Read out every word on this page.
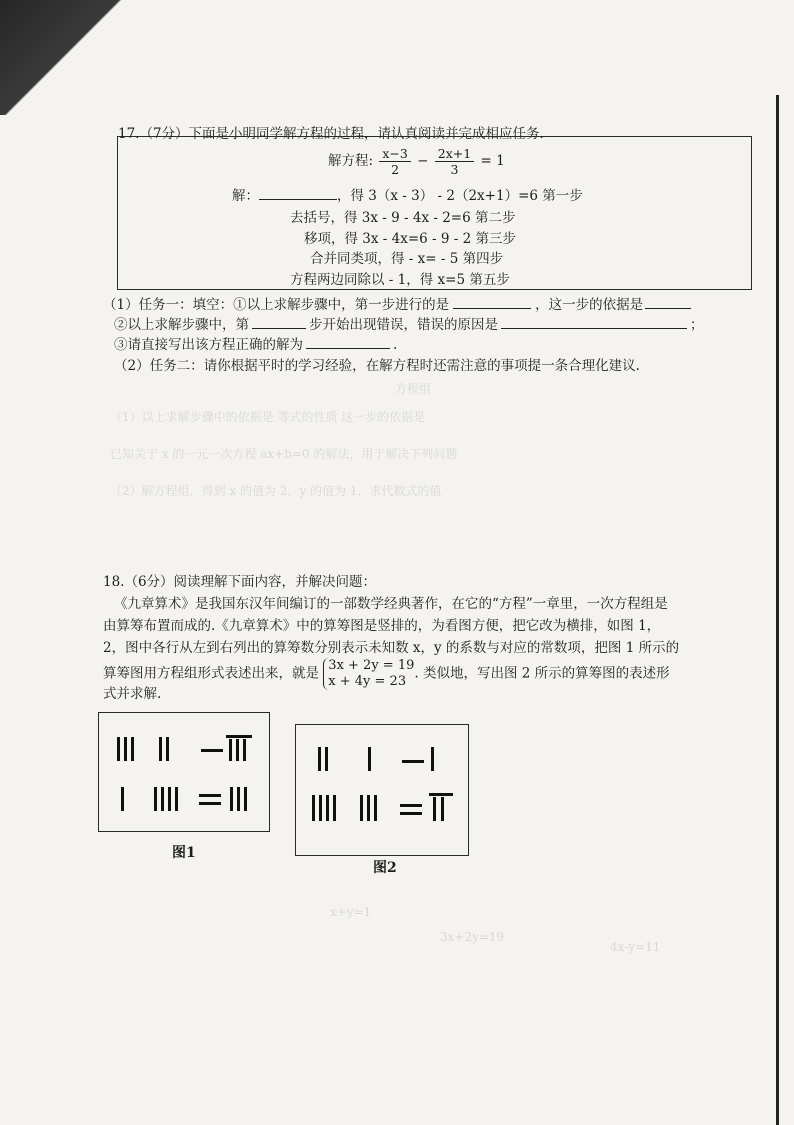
方程组
（1）以上求解步骤中的依据是 等式的性质 这一步的依据是
已知关于 x 的一元一次方程 ax+b=0 的解法，用于解决下列问题
（2）解方程组，得到 x 的值为 2，y 的值为 1，求代数式的值
x+y=1
3x+2y=19
4x-y=11
17.（7分）下面是小明同学解方程的过程，请认真阅读并完成相应任务.
解方程: $\frac{x-3}{2} - \frac{2x+1}{3} = 1$
解：	，得 3（x - 3） - 2（2x+1）=6 第一步
去括号，得 3x - 9 - 4x - 2=6 第二步
移项，得 3x - 4x=6 - 9 - 2 第三步
合并同类项，得 - x= - 5 第四步
方程两边同除以 - 1，得 x=5 第五步
（1）任务一：填空：①以上求解步骤中，第一步进行的是	，这一步的依据是
②以上求解步骤中，第	步开始出现错误，错误的原因是	；
③请直接写出该方程正确的解为	.
（2）任务二：请你根据平时的学习经验，在解方程时还需注意的事项提一条合理化建议.
18.（6分）阅读理解下面内容，并解决问题：
《九章算术》是我国东汉年间编订的一部数学经典著作，在它的“方程”一章里，一次方程组是
由算筹布置而成的.《九章算术》中的算筹图是竖排的，为看图方便，把它改为横排，如图 1，
2，图中各行从左到右列出的算筹数分别表示未知数 x，y 的系数与对应的常数项，把图 1 所示的
算筹图用方程组形式表述出来，就是 3x + 2y = 19
x + 4y = 23 . 类似地，写出图 2 所示的算筹图的表述形
式并求解.
图1
图2
